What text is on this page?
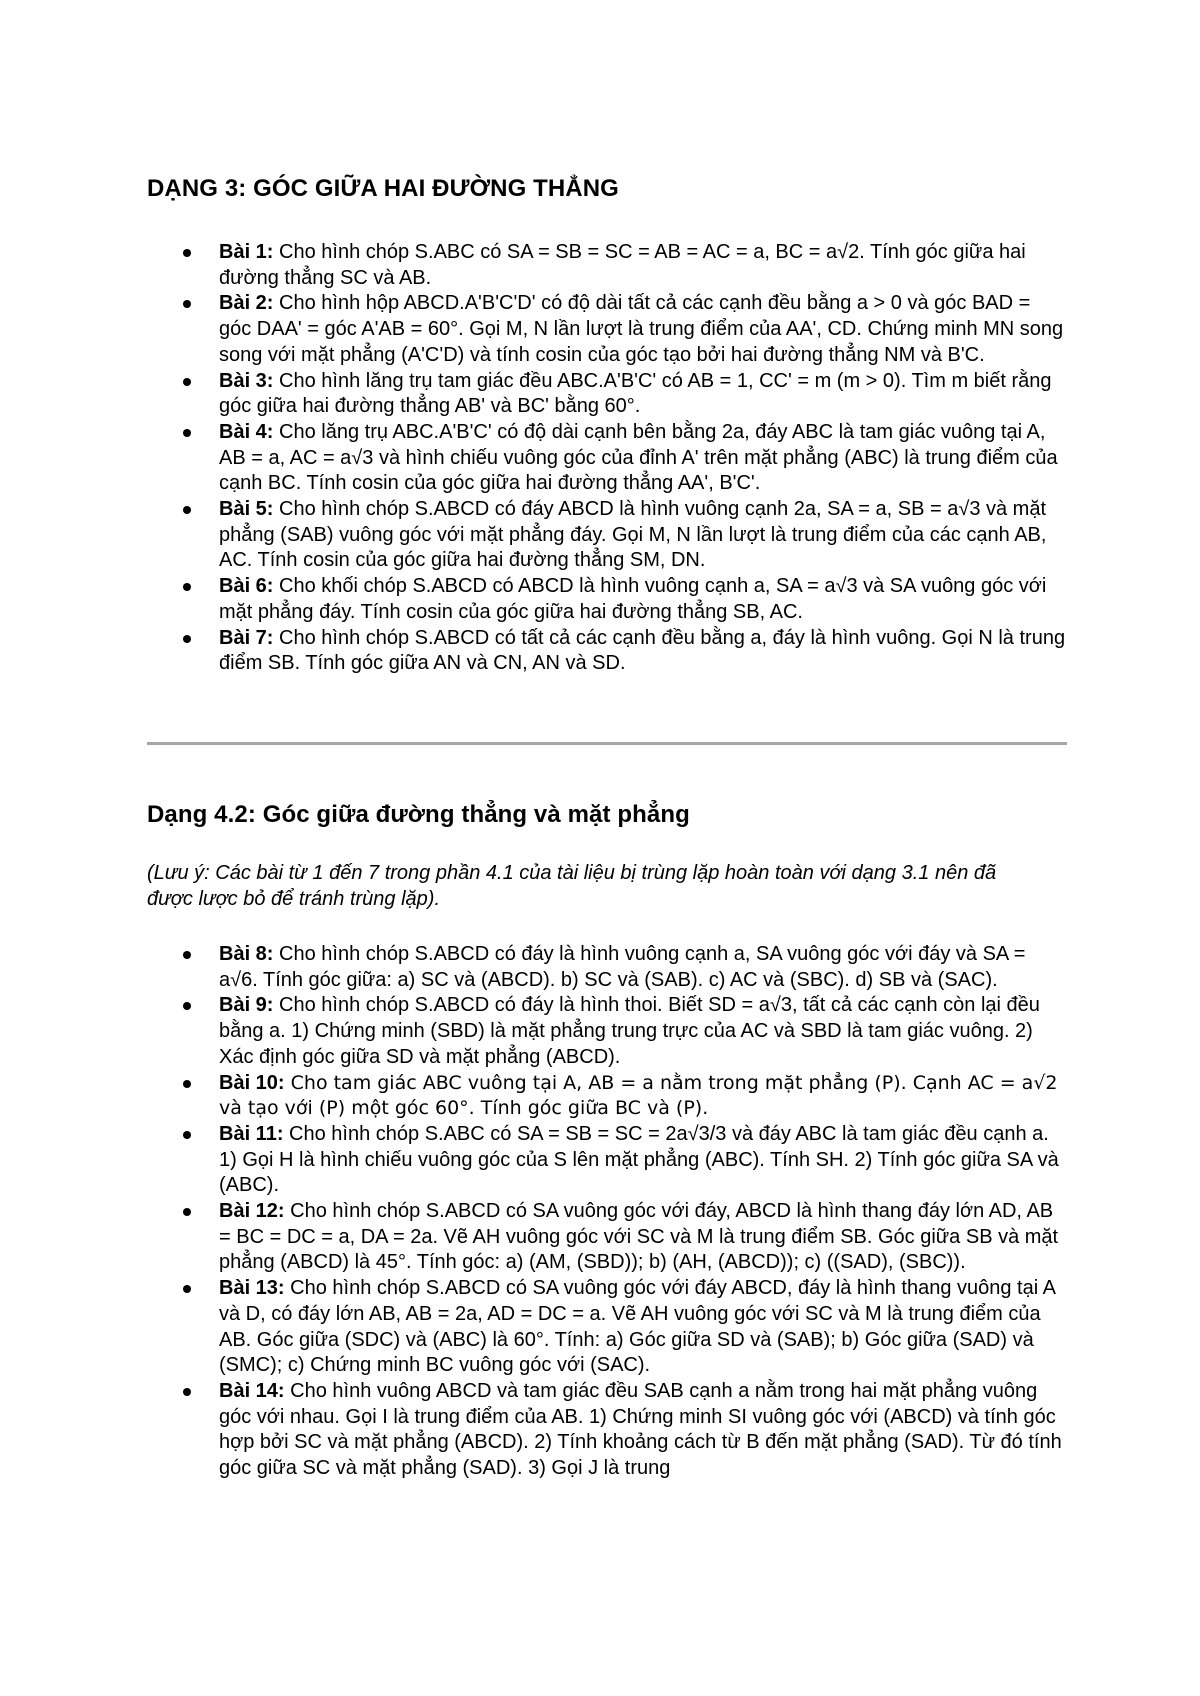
DẠNG 3: GÓC GIỮA HAI ĐƯỜNG THẲNG
Bài 1: Cho hình chóp S.ABC có SA = SB = SC = AB = AC = a, BC = a√2. Tính góc giữa hai đường thẳng SC và AB.
Bài 2: Cho hình hộp ABCD.A'B'C'D' có độ dài tất cả các cạnh đều bằng a > 0 và góc BAD = góc DAA' = góc A'AB = 60°. Gọi M, N lần lượt là trung điểm của AA', CD. Chứng minh MN song song với mặt phẳng (A'C'D) và tính cosin của góc tạo bởi hai đường thẳng NM và B'C.
Bài 3: Cho hình lăng trụ tam giác đều ABC.A'B'C' có AB = 1, CC' = m (m > 0). Tìm m biết rằng góc giữa hai đường thẳng AB' và BC' bằng 60°.
Bài 4: Cho lăng trụ ABC.A'B'C' có độ dài cạnh bên bằng 2a, đáy ABC là tam giác vuông tại A, AB = a, AC = a√3 và hình chiếu vuông góc của đỉnh A' trên mặt phẳng (ABC) là trung điểm của cạnh BC. Tính cosin của góc giữa hai đường thẳng AA', B'C'.
Bài 5: Cho hình chóp S.ABCD có đáy ABCD là hình vuông cạnh 2a, SA = a, SB = a√3 và mặt phẳng (SAB) vuông góc với mặt phẳng đáy. Gọi M, N lần lượt là trung điểm của các cạnh AB, AC. Tính cosin của góc giữa hai đường thẳng SM, DN.
Bài 6: Cho khối chóp S.ABCD có ABCD là hình vuông cạnh a, SA = a√3 và SA vuông góc với mặt phẳng đáy. Tính cosin của góc giữa hai đường thẳng SB, AC.
Bài 7: Cho hình chóp S.ABCD có tất cả các cạnh đều bằng a, đáy là hình vuông. Gọi N là trung điểm SB. Tính góc giữa AN và CN, AN và SD.
Dạng 4.2: Góc giữa đường thẳng và mặt phẳng

(Lưu ý: Các bài từ 1 đến 7 trong phần 4.1 của tài liệu bị trùng lặp hoàn toàn với dạng 3.1 nên đã được lược bỏ để tránh trùng lặp).

Bài 8: Cho hình chóp S.ABCD có đáy là hình vuông cạnh a, SA vuông góc với đáy và SA = a√6. Tính góc giữa: a) SC và (ABCD). b) SC và (SAB). c) AC và (SBC). d) SB và (SAC).
Bài 9: Cho hình chóp S.ABCD có đáy là hình thoi. Biết SD = a√3, tất cả các cạnh còn lại đều bằng a. 1) Chứng minh (SBD) là mặt phẳng trung trực của AC và SBD là tam giác vuông. 2) Xác định góc giữa SD và mặt phẳng (ABCD).
Bài 10: Cho tam giác ABC vuông tại A, AB = a nằm trong mặt phẳng (P). Cạnh AC = a√2 và tạo với (P) một góc 60°. Tính góc giữa BC và (P).
Bài 11: Cho hình chóp S.ABC có SA = SB = SC = 2a√3/3 và đáy ABC là tam giác đều cạnh a. 1) Gọi H là hình chiếu vuông góc của S lên mặt phẳng (ABC). Tính SH. 2) Tính góc giữa SA và (ABC).
Bài 12: Cho hình chóp S.ABCD có SA vuông góc với đáy, ABCD là hình thang đáy lớn AD, AB = BC = DC = a, DA = 2a. Vẽ AH vuông góc với SC và M là trung điểm SB. Góc giữa SB và mặt phẳng (ABCD) là 45°. Tính góc: a) (AM, (SBD)); b) (AH, (ABCD)); c) ((SAD), (SBC)).
Bài 13: Cho hình chóp S.ABCD có SA vuông góc với đáy ABCD, đáy là hình thang vuông tại A và D, có đáy lớn AB, AB = 2a, AD = DC = a. Vẽ AH vuông góc với SC và M là trung điểm của AB. Góc giữa (SDC) và (ABC) là 60°. Tính: a) Góc giữa SD và (SAB); b) Góc giữa (SAD) và (SMC); c) Chứng minh BC vuông góc với (SAC).
Bài 14: Cho hình vuông ABCD và tam giác đều SAB cạnh a nằm trong hai mặt phẳng vuông góc với nhau. Gọi I là trung điểm của AB. 1) Chứng minh SI vuông góc với (ABCD) và tính góc hợp bởi SC và mặt phẳng (ABCD). 2) Tính khoảng cách từ B đến mặt phẳng (SAD). Từ đó tính góc giữa SC và mặt phẳng (SAD). 3) Gọi J là trung
